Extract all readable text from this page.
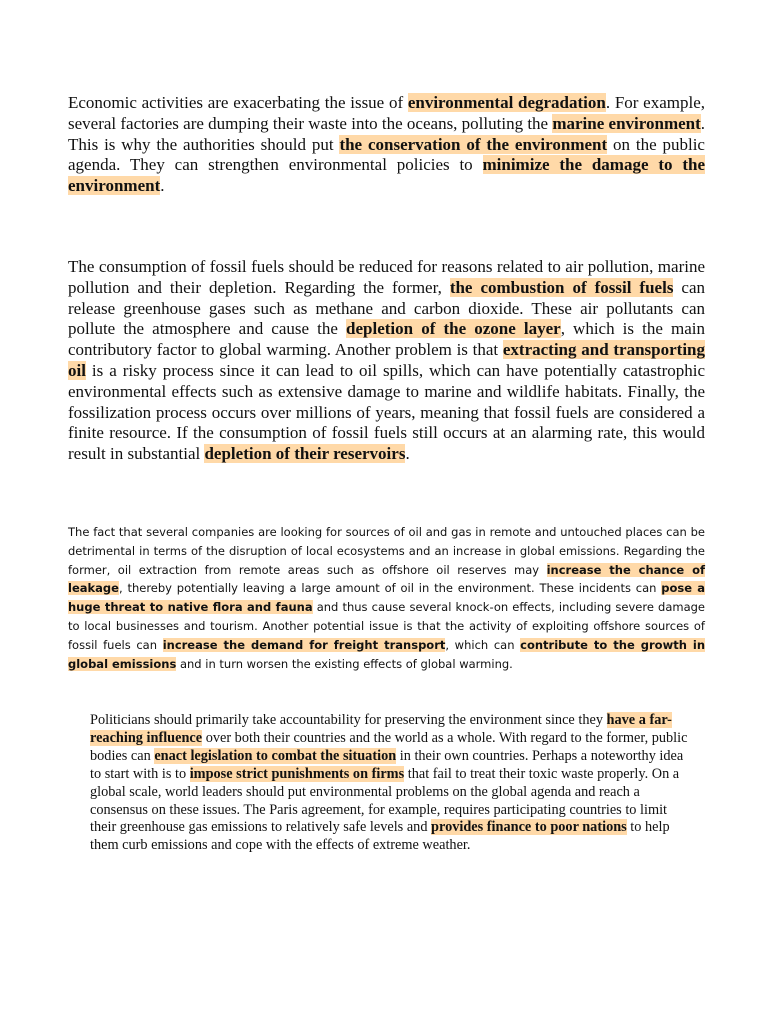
Economic activities are exacerbating the issue of environmental degradation. For example, several factories are dumping their waste into the oceans, polluting the marine environment. This is why the authorities should put the conservation of the environment on the public agenda. They can strengthen environmental policies to minimize the damage to the environment.

The consumption of fossil fuels should be reduced for reasons related to air pollution, marine pollution and their depletion. Regarding the former, the combustion of fossil fuels can release greenhouse gases such as methane and carbon dioxide. These air pollutants can pollute the atmosphere and cause the depletion of the ozone layer, which is the main contributory factor to global warming. Another problem is that extracting and transporting oil is a risky process since it can lead to oil spills, which can have potentially catastrophic environmental effects such as extensive damage to marine and wildlife habitats. Finally, the fossilization process occurs over millions of years, meaning that fossil fuels are considered a finite resource. If the consumption of fossil fuels still occurs at an alarming rate, this would result in substantial depletion of their reservoirs.

The fact that several companies are looking for sources of oil and gas in remote and untouched places can be detrimental in terms of the disruption of local ecosystems and an increase in global emissions. Regarding the former, oil extraction from remote areas such as offshore oil reserves may increase the chance of leakage, thereby potentially leaving a large amount of oil in the environment. These incidents can pose a huge threat to native flora and fauna and thus cause several knock-on effects, including severe damage to local businesses and tourism. Another potential issue is that the activity of exploiting offshore sources of fossil fuels can increase the demand for freight transport, which can contribute to the growth in global emissions and in turn worsen the existing effects of global warming.

Politicians should primarily take accountability for preserving the environment since they have a far-reaching influence over both their countries and the world as a whole. With regard to the former, public bodies can enact legislation to combat the situation in their own countries. Perhaps a noteworthy idea to start with is to impose strict punishments on firms that fail to treat their toxic waste properly. On a global scale, world leaders should put environmental problems on the global agenda and reach a consensus on these issues. The Paris agreement, for example, requires participating countries to limit their greenhouse gas emissions to relatively safe levels and provides finance to poor nations to help them curb emissions and cope with the effects of extreme weather.
